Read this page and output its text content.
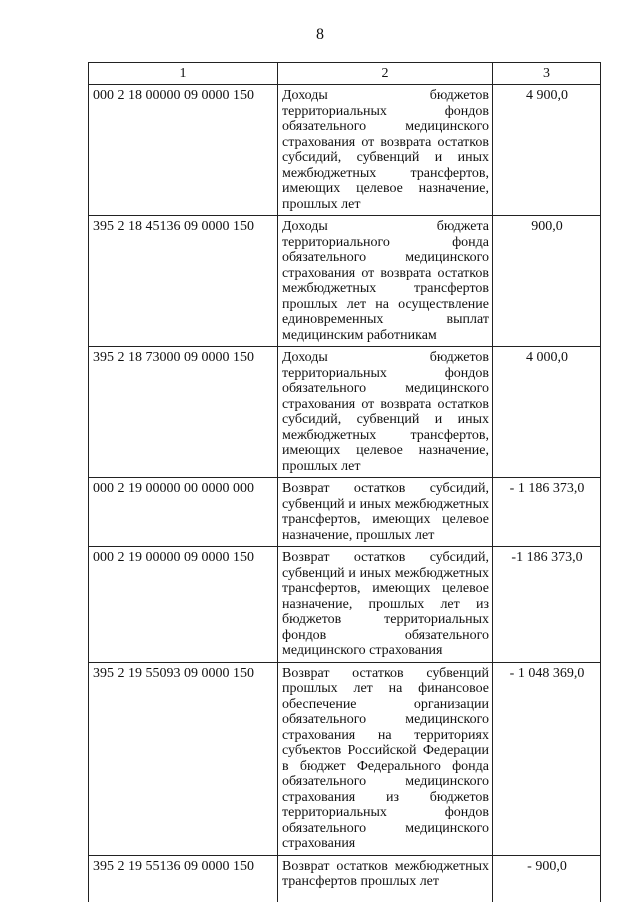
8
1	2	3
000 2 18 00000 09 0000 150	Доходы бюджетов территориальных фондов обязательного медицинского страхования от возврата остатков субсидий, субвенций и иных межбюджетных трансфертов, имеющих целевое назначение, прошлых лет	4 900,0
395 2 18 45136 09 0000 150	Доходы бюджета территориального фонда обязательного медицинского страхования от возврата остатков межбюджетных трансфертов прошлых лет на осуществление единовременных выплат медицинским работникам	900,0
395 2 18 73000 09 0000 150	Доходы бюджетов территориальных фондов обязательного медицинского страхования от возврата остатков субсидий, субвенций и иных межбюджетных трансфертов, имеющих целевое назначение, прошлых лет	4 000,0
000 2 19 00000 00 0000 000	Возврат остатков субсидий, субвенций и иных межбюджетных трансфертов, имеющих целевое назначение, прошлых лет	- 1 186 373,0
000 2 19 00000 09 0000 150	Возврат остатков субсидий, субвенций и иных межбюджетных трансфертов, имеющих целевое назначение, прошлых лет из бюджетов территориальных фондов обязательного медицинского страхования	-1 186 373,0
395 2 19 55093 09 0000 150	Возврат остатков субвенций прошлых лет на финансовое обеспечение организации обязательного медицинского страхования на территориях субъектов Российской Федерации в бюджет Федерального фонда обязательного медицинского страхования из бюджетов территориальных фондов обязательного медицинского страхования	- 1 048 369,0
395 2 19 55136 09 0000 150	Возврат остатков межбюджетных трансфертов прошлых лет	- 900,0
